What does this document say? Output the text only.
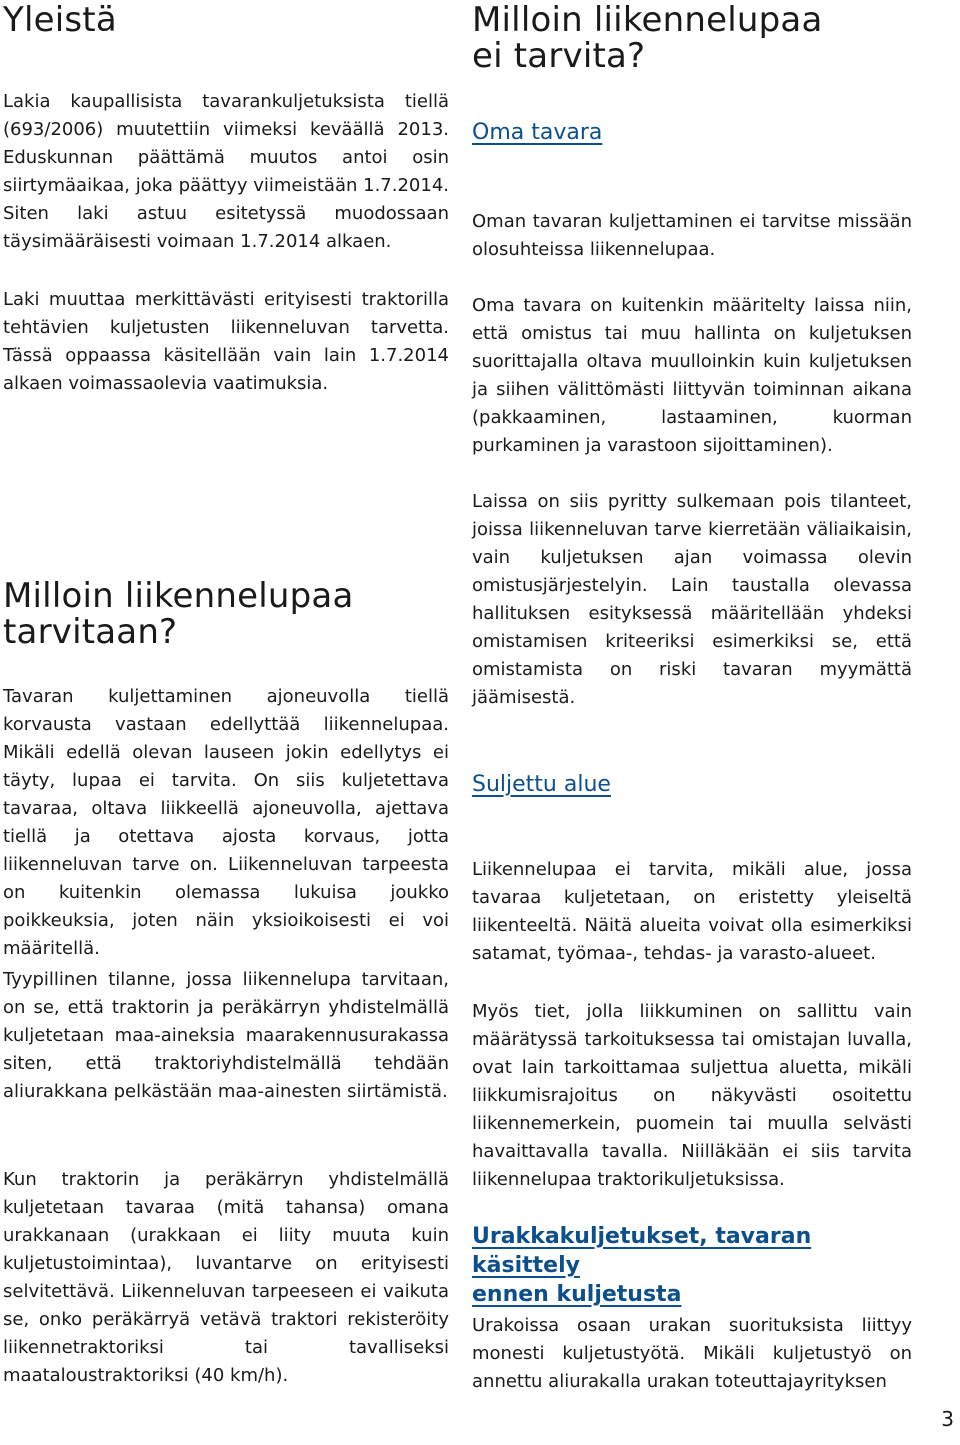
Yleistä

Lakia kaupallisista tavarankuljetuksista tiellä (693/2006) muutettiin viimeksi keväällä 2013. Eduskunnan päättämä muutos antoi osin siirtymäaikaa, joka päättyy viimeistään 1.7.2014. Siten laki astuu esitetyssä muodossaan täysimääräisesti voimaan 1.7.2014 alkaen.

Laki muuttaa merkittävästi erityisesti traktorilla tehtävien kuljetusten liikenneluvan tarvetta. Tässä oppaassa käsitellään vain lain 1.7.2014 alkaen voimassaolevia vaatimuksia.

Milloin liikennelupaa
tarvitaan?

Tavaran kuljettaminen ajoneuvolla tiellä korvausta vastaan edellyttää liikennelupaa. Mikäli edellä olevan lauseen jokin edellytys ei täyty, lupaa ei tarvita. On siis kuljetettava tavaraa, oltava liikkeellä ajoneuvolla, ajettava tiellä ja otettava ajosta korvaus, jotta liikenneluvan tarve on. Liikenneluvan tarpeesta on kuitenkin olemassa lukuisa joukko poikkeuksia, joten näin yksioikoisesti ei voi määritellä.

Tyypillinen tilanne, jossa liikennelupa tarvitaan, on se, että traktorin ja peräkärryn yhdistelmällä kuljetetaan maa-aineksia maarakennusurakassa siten, että traktoriyhdistelmällä tehdään aliurakkana pelkästään maa-ainesten siirtämistä.

Kun traktorin ja peräkärryn yhdistelmällä kuljetetaan tavaraa (mitä tahansa) omana urakkanaan (urakkaan ei liity muuta kuin kuljetustoimintaa), luvantarve on erityisesti selvitettävä. Liikenneluvan tarpeeseen ei vaikuta se, onko peräkärryä vetävä traktori rekisteröity liikennetraktoriksi tai tavalliseksi maataloustraktoriksi (40 km/h).

Milloin liikennelupaa
ei tarvita?
Oma tavara

Oman tavaran kuljettaminen ei tarvitse missään olosuhteissa liikennelupaa.

Oma tavara on kuitenkin määritelty laissa niin, että omistus tai muu hallinta on kuljetuksen suorittajalla oltava muulloinkin kuin kuljetuksen ja siihen välittömästi liittyvän toiminnan aikana (pakkaaminen, lastaaminen, kuorman purkaminen ja varastoon sijoittaminen).

Laissa on siis pyritty sulkemaan pois tilanteet, joissa liikenneluvan tarve kierretään väliaikaisin, vain kuljetuksen ajan voimassa olevin omistusjärjestelyin. Lain taustalla olevassa hallituksen esityksessä määritellään yhdeksi omistamisen kriteeriksi esimerkiksi se, että omistamista on riski tavaran myymättä jäämisestä.

Suljettu alue

Liikennelupaa ei tarvita, mikäli alue, jossa tavaraa kuljetetaan, on eristetty yleiseltä liikenteeltä. Näitä alueita voivat olla esimerkiksi satamat, työmaa-, tehdas- ja varasto-alueet.

Myös tiet, jolla liikkuminen on sallittu vain määrätyssä tarkoituksessa tai omistajan luvalla, ovat lain tarkoittamaa suljettua aluetta, mikäli liikkumisrajoitus on näkyvästi osoitettu liikennemerkein, puomein tai muulla selvästi havaittavalla tavalla. Niilläkään ei siis tarvita liikennelupaa traktorikuljetuksissa.

Urakkakuljetukset, tavaran käsittely
ennen kuljetusta

Urakoissa osaan urakan suorituksista liittyy monesti kuljetustyötä. Mikäli kuljetustyö on annettu aliurakalla urakan toteuttajayrityksen

3
